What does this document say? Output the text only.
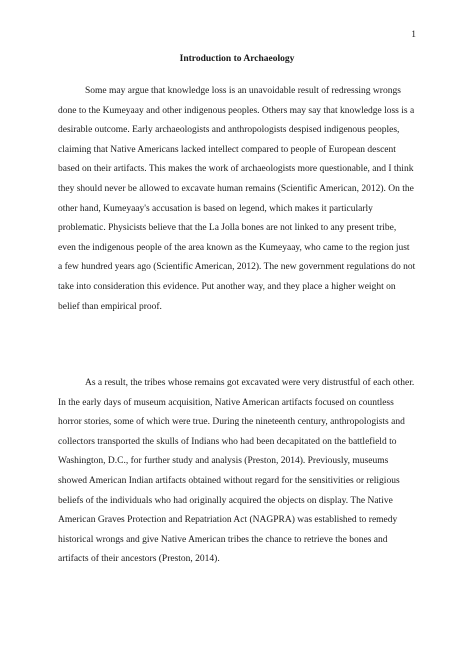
1
Introduction to Archaeology

Some may argue that knowledge loss is an unavoidable result of redressing wrongs done to the Kumeyaay and other indigenous peoples. Others may say that knowledge loss is a desirable outcome. Early archaeologists and anthropologists despised indigenous peoples, claiming that Native Americans lacked intellect compared to people of European descent based on their artifacts. This makes the work of archaeologists more questionable, and I think they should never be allowed to excavate human remains (Scientific American, 2012). On the other hand, Kumeyaay's accusation is based on legend, which makes it particularly problematic. Physicists believe that the La Jolla bones are not linked to any present tribe, even the indigenous people of the area known as the Kumeyaay, who came to the region just a few hundred years ago (Scientific American, 2012). The new government regulations do not take into consideration this evidence. Put another way, and they place a higher weight on belief than empirical proof.

As a result, the tribes whose remains got excavated were very distrustful of each other. In the early days of museum acquisition, Native American artifacts focused on countless horror stories, some of which were true. During the nineteenth century, anthropologists and collectors transported the skulls of Indians who had been decapitated on the battlefield to Washington, D.C., for further study and analysis (Preston, 2014). Previously, museums showed American Indian artifacts obtained without regard for the sensitivities or religious beliefs of the individuals who had originally acquired the objects on display. The Native American Graves Protection and Repatriation Act (NAGPRA) was established to remedy historical wrongs and give Native American tribes the chance to retrieve the bones and artifacts of their ancestors (Preston, 2014).
